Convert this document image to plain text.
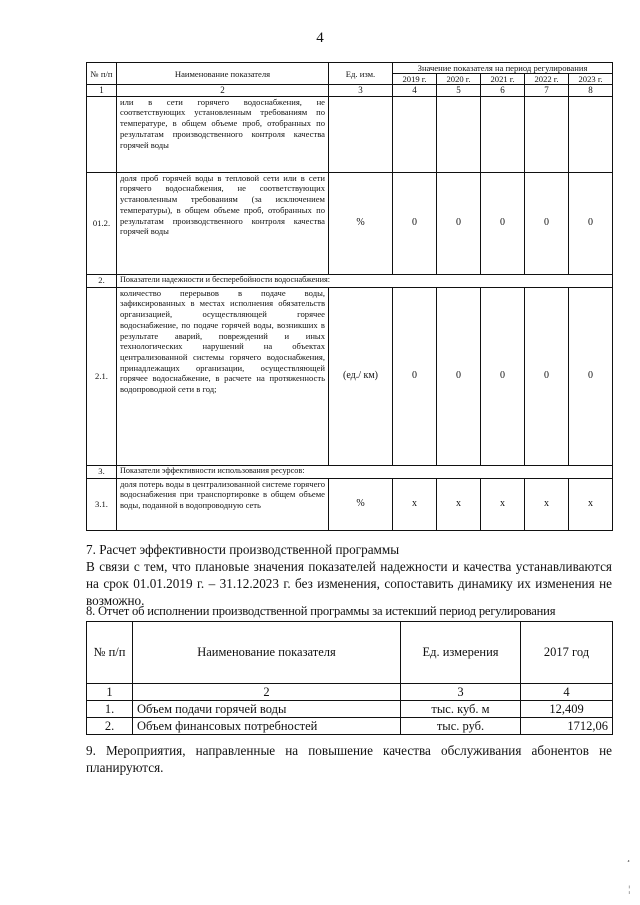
4
№ п/п	Наименование показателя	Ед. изм.	Значение показателя на период регулирования				
			2019 г.	2020 г.	2021 г.	2022 г.	2023 г.
1	2	3	4	5	6	7	8
	или в сети горячего водоснабжения, не соответствующих установленным требованиям по температуре, в общем объеме проб, отобранных по результатам производственного контроля качества горячей воды						
01.2.	доля проб горячей воды в тепловой сети или в сети горячего водоснабжения, не соответствующих установленным требованиям (за исключением температуры), в общем объеме проб, отобранных по результатам производственного контроля качества горячей воды	%	0	0	0	0	0
2.	Показатели надежности и бесперебойности водоснабжения:						
2.1.	количество перерывов в подаче воды, зафиксированных в местах исполнения обязательств организацией, осуществляющей горячее водоснабжение, по подаче горячей воды, возникших в результате аварий, повреждений и иных технологических нарушений на объектах централизованной системы горячего водоснабжения, принадлежащих организации, осуществляющей горячее водоснабжение, в расчете на протяженность водопроводной сети в год;	(ед./ км)	0	0	0	0	0
3.	Показатели эффективности использования ресурсов:						
3.1.	доля потерь воды в централизованной системе горячего водоснабжения при транспортировке в общем объеме воды, поданной в водопроводную сеть	%	х	х	х	х	х
7. Расчет эффективности производственной программы
В связи с тем, что плановые значения показателей надежности и качества устанавливаются на срок 01.01.2019 г. – 31.12.2023 г. без изменения, сопоставить динамику их изменения не возможно.
8. Отчет об исполнении производственной программы за истекший период регулирования
№ п/п	Наименование показателя	Ед. измерения	2017 год
1	2	3	4
1.	Объем подачи горячей воды	тыс. куб. м	12,409
2.	Объем финансовых потребностей	тыс. руб.	1712,06
9. Мероприятия, направленные на повышение качества обслуживания абонентов не планируются.
¸
¦
